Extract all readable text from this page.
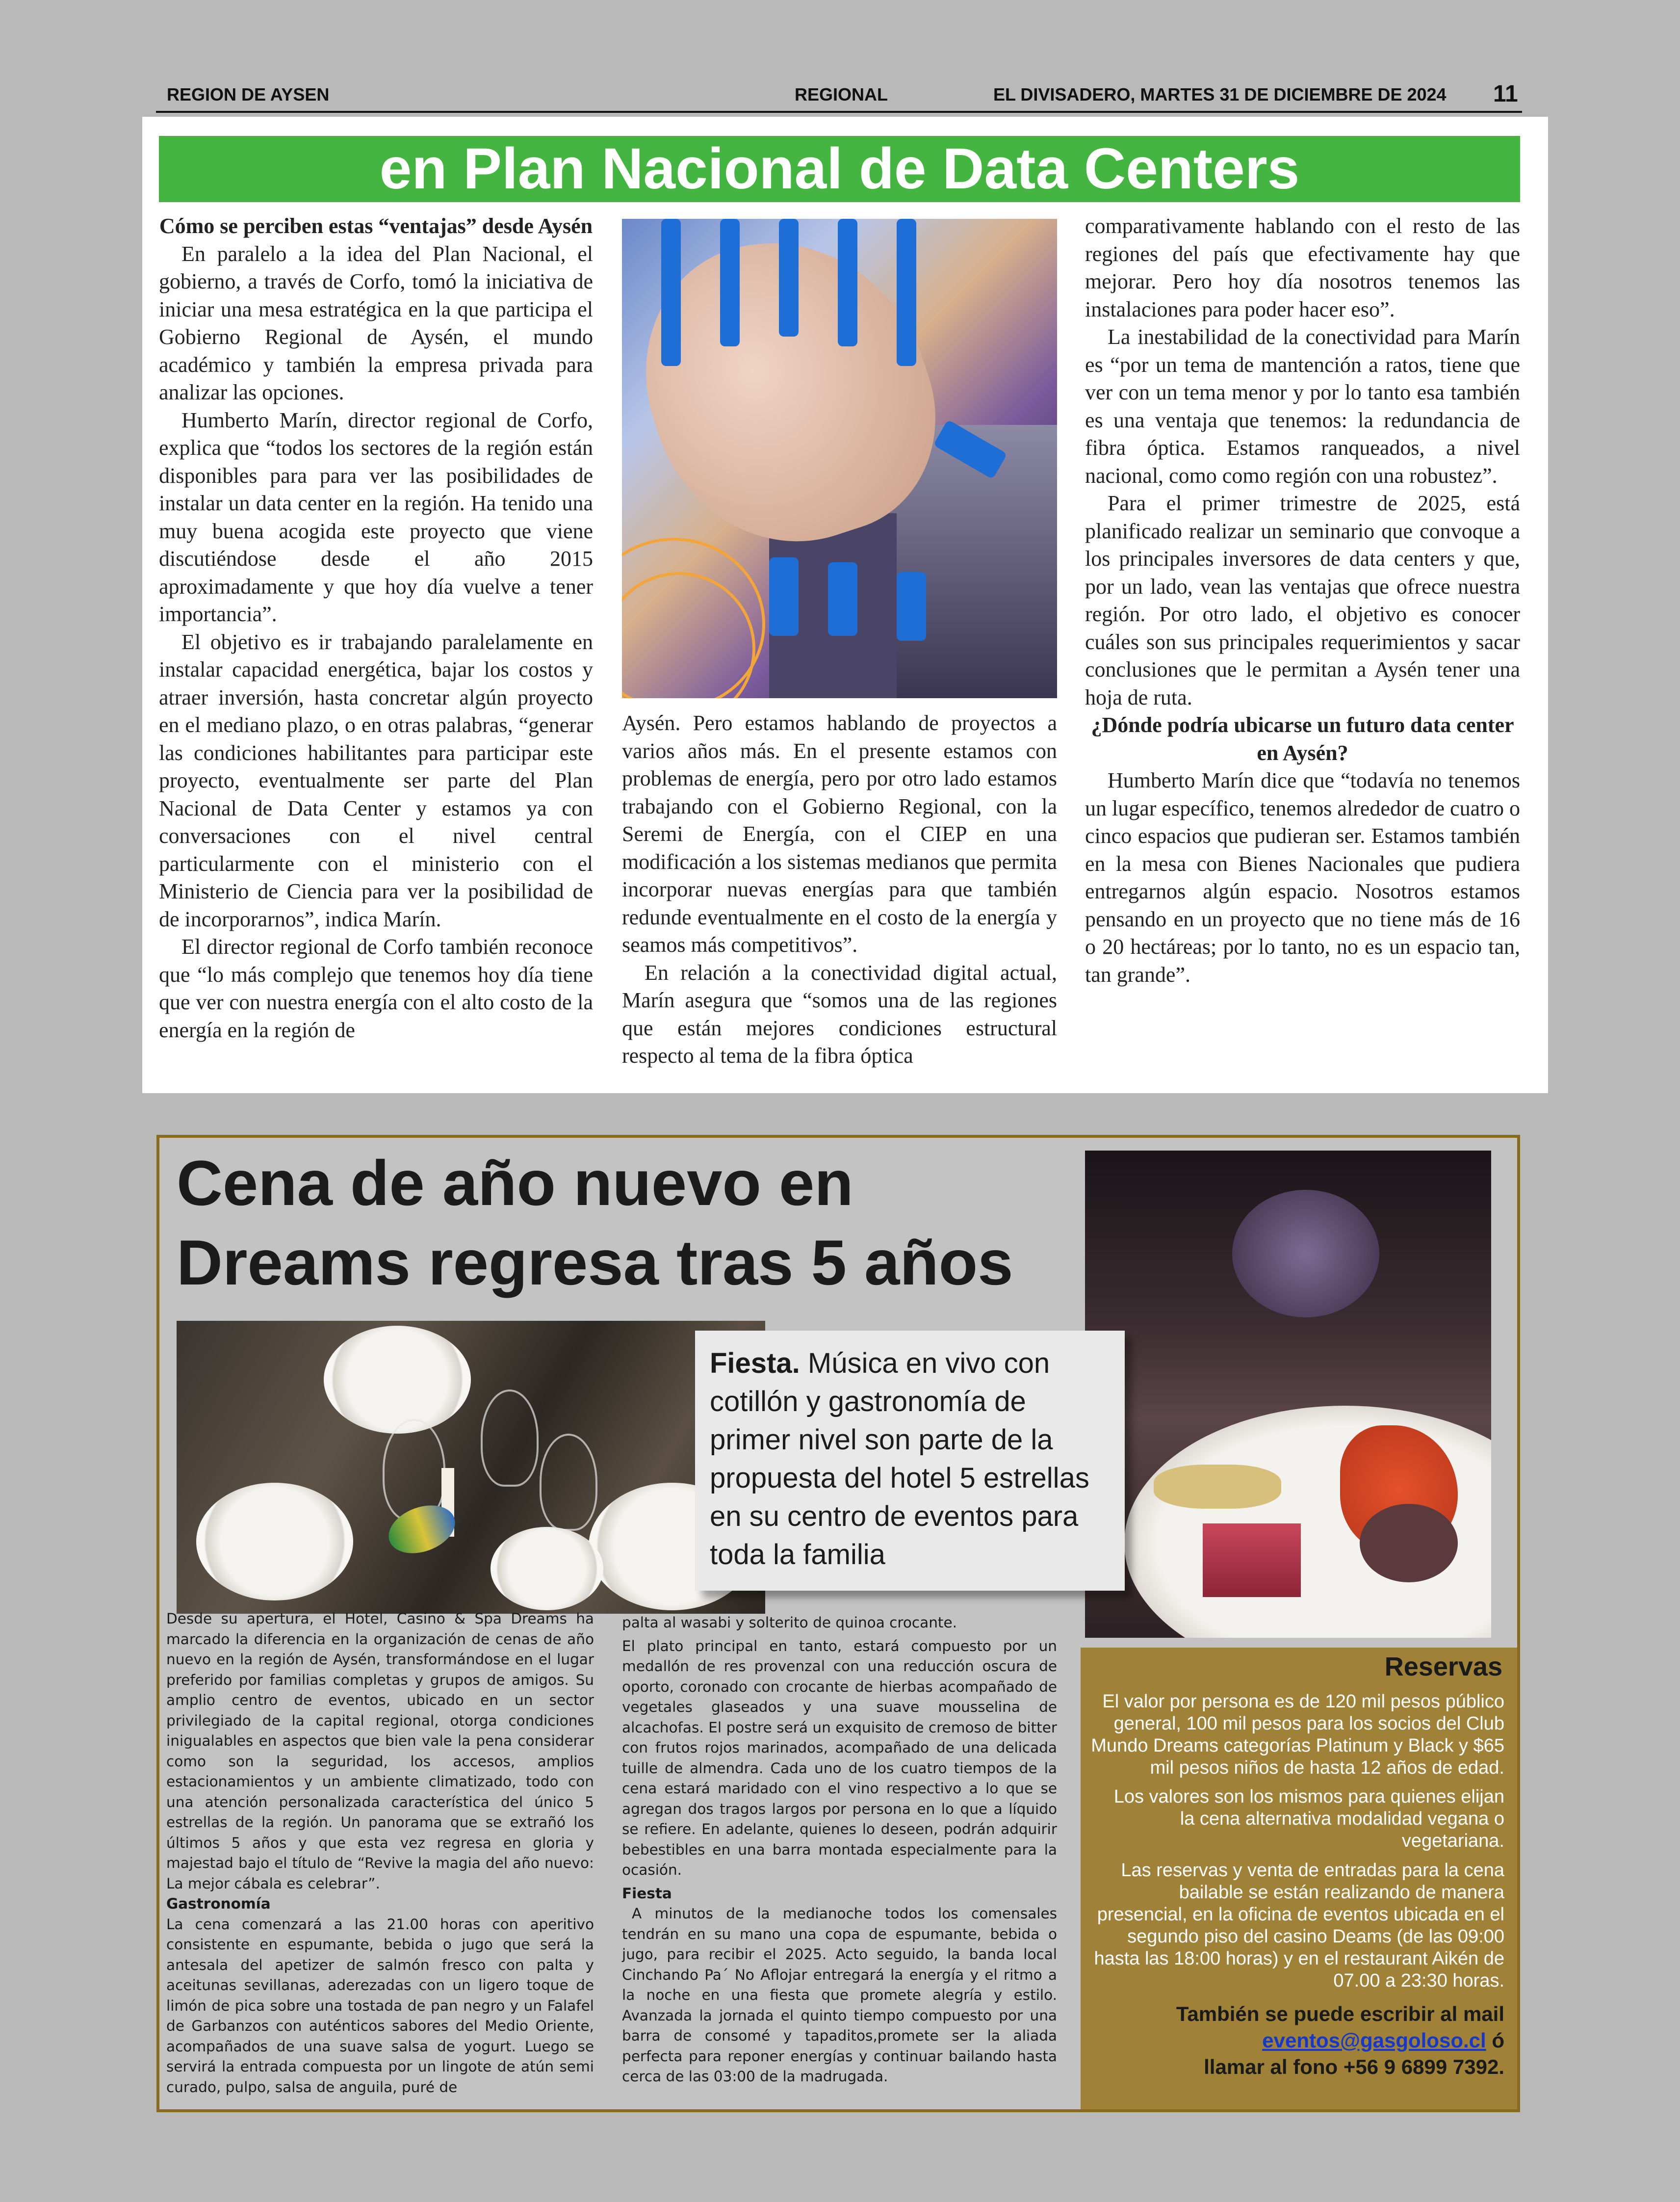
REGION DE AYSEN	REGIONAL	EL DIVISADERO, MARTES 31 DE DICIEMBRE DE 2024 11
en Plan Nacional de Data Centers

Cómo se perciben estas “ventajas” desde Aysén

En paralelo a la idea del Plan Nacional, el gobierno, a través de Corfo, tomó la iniciativa de iniciar una mesa estratégica en la que participa el Gobierno Regional de Aysén, el mundo académico y también la empresa privada para analizar las opciones.

Humberto Marín, director regional de Corfo, explica que “todos los sectores de la región están disponibles para para ver las posibilidades de instalar un data center en la región. Ha tenido una muy buena acogida este proyecto que viene discutiéndose desde el año 2015 aproximadamente y que hoy día vuelve a tener importancia”.

El objetivo es ir trabajando paralelamente en instalar capacidad energética, bajar los costos y atraer inversión, hasta concretar algún proyecto en el mediano plazo, o en otras palabras, “generar las condiciones habilitantes para participar este proyecto, eventualmente ser parte del Plan Nacional de Data Center y estamos ya con conversaciones con el nivel central particularmente con el ministerio con el Ministerio de Ciencia para ver la posibilidad de de incorporarnos”, indica Marín.

El director regional de Corfo también reconoce que “lo más complejo que tenemos hoy día tiene que ver con nuestra energía con el alto costo de la energía en la región de

Aysén. Pero estamos hablando de proyectos a varios años más. En el presente estamos con problemas de energía, pero por otro lado estamos trabajando con el Gobierno Regional, con la Seremi de Energía, con el CIEP en una modificación a los sistemas medianos que permita incorporar nuevas energías para que también redunde eventualmente en el costo de la energía y seamos más competitivos”.

En relación a la conectividad digital actual, Marín asegura que “somos una de las regiones que están mejores condiciones estructural respecto al tema de la fibra óptica

comparativamente hablando con el resto de las regiones del país que efectivamente hay que mejorar. Pero hoy día nosotros tenemos las instalaciones para poder hacer eso”.

La inestabilidad de la conectividad para Marín es “por un tema de mantención a ratos, tiene que ver con un tema menor y por lo tanto esa también es una ventaja que tenemos: la redundancia de fibra óptica. Estamos ranqueados, a nivel nacional, como como región con una robustez”.

Para el primer trimestre de 2025, está planificado realizar un seminario que convoque a los principales inversores de data centers y que, por un lado, vean las ventajas que ofrece nuestra región. Por otro lado, el objetivo es conocer cuáles son sus principales requerimientos y sacar conclusiones que le permitan a Aysén tener una hoja de ruta.

¿Dónde podría ubicarse un futuro data center en Aysén?

Humberto Marín dice que “todavía no tenemos un lugar específico, tenemos alrededor de cuatro o cinco espacios que pudieran ser. Estamos también en la mesa con Bienes Nacionales que pudiera entregarnos algún espacio. Nosotros estamos pensando en un proyecto que no tiene más de 16 o 20 hectáreas; por lo tanto, no es un espacio tan, tan grande”.

Cena de año nuevo en
Dreams regresa tras 5 años
Fiesta. Música en vivo con cotillón y gastronomía de primer nivel son parte de la propuesta del hotel 5 estrellas en su centro de eventos para toda la familia

Desde su apertura, el Hotel, Casino & Spa Dreams ha marcado la diferencia en la organización de cenas de año nuevo en la región de Aysén, transformándose en el lugar preferido por familias completas y grupos de amigos. Su amplio centro de eventos, ubicado en un sector privilegiado de la capital regional, otorga condiciones inigualables en aspectos que bien vale la pena considerar como son la seguridad, los accesos, amplios estacionamientos y un ambiente climatizado, todo con una atención personalizada característica del único 5 estrellas de la región. Un panorama que se extrañó los últimos 5 años y que esta vez regresa en gloria y majestad bajo el título de “Revive la magia del año nuevo: La mejor cábala es celebrar”.

Gastronomía

La cena comenzará a las 21.00 horas con aperitivo consistente en espumante, bebida o jugo que será la antesala del apetizer de salmón fresco con palta y aceitunas sevillanas, aderezadas con un ligero toque de limón de pica sobre una tostada de pan negro y un Falafel de Garbanzos con auténticos sabores del Medio Oriente, acompañados de una suave salsa de yogurt. Luego se servirá la entrada compuesta por un lingote de atún semi curado, pulpo, salsa de anguila, puré de

palta al wasabi y solterito de quinoa crocante.

El plato principal en tanto, estará compuesto por un medallón de res provenzal con una reducción oscura de oporto, coronado con crocante de hierbas acompañado de vegetales glaseados y una suave mousselina de alcachofas. El postre será un exquisito de cremoso de bitter con frutos rojos marinados, acompañado de una delicada tuille de almendra. Cada uno de los cuatro tiempos de la cena estará maridado con el vino respectivo a lo que se agregan dos tragos largos por persona en lo que a líquido se refiere. En adelante, quienes lo deseen, podrán adquirir bebestibles en una barra montada especialmente para la ocasión.

Fiesta

A minutos de la medianoche todos los comensales tendrán en su mano una copa de espumante, bebida o jugo, para recibir el 2025. Acto seguido, la banda local Cinchando Pa´ No Aflojar entregará la energía y el ritmo a la noche en una fiesta que promete alegría y estilo. Avanzada la jornada el quinto tiempo compuesto por una barra de consomé y tapaditos,promete ser la aliada perfecta para reponer energías y continuar bailando hasta cerca de las 03:00 de la madrugada.

Reservas
El valor por persona es de 120 mil pesos público general, 100 mil pesos para los socios del Club Mundo Dreams categorías Platinum y Black y $65 mil pesos niños de hasta 12 años de edad.
Los valores son los mismos para quienes elijan la cena alternativa modalidad vegana o vegetariana.
Las reservas y venta de entradas para la cena bailable se están realizando de manera presencial, en la oficina de eventos ubicada en el segundo piso del casino Deams (de las 09:00 hasta las 18:00 horas) y en el restaurant Aikén de 07.00 a 23:30 horas.
También se puede escribir al mail
eventos@gasgoloso.cl ó
llamar al fono +56 9 6899 7392.
